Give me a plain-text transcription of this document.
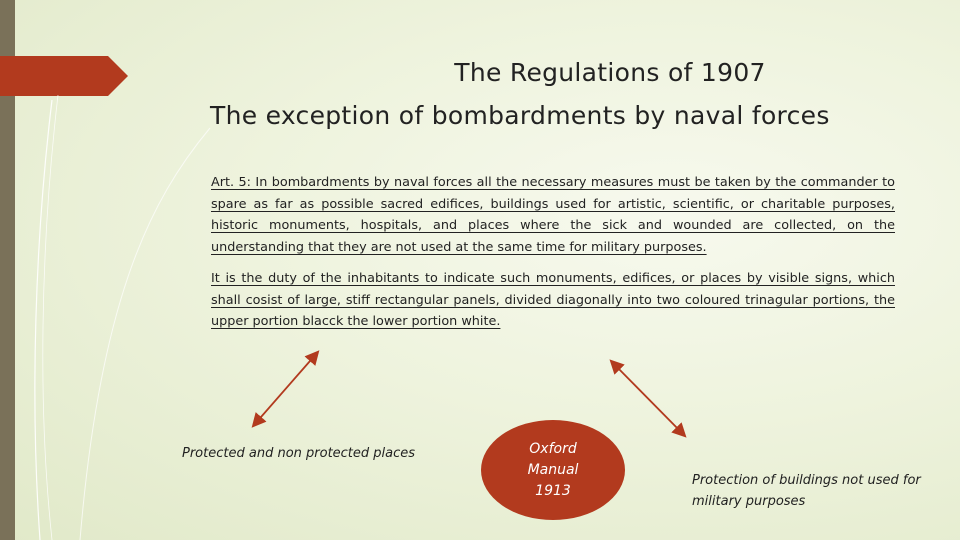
The Regulations of 1907
The exception of bombardments by naval forces
Art. 5: In bombardments by naval forces all the necessary measures must be taken by the commander to spare as far as possible sacred edifices, buildings used for artistic, scientific, or charitable purposes, historic monuments, hospitals, and places where the sick and wounded are collected, on the understanding that they are not used at the same time for military purposes.
It is the duty of the inhabitants to indicate such monuments, edifices, or places by visible signs, which shall cosist of large, stiff rectangular panels, divided diagonally into two coloured trinagular portions, the upper portion blacck the lower portion white.
Protected and non protected places	Oxford
Manual
1913
Protection of buildings not used for military purposes
